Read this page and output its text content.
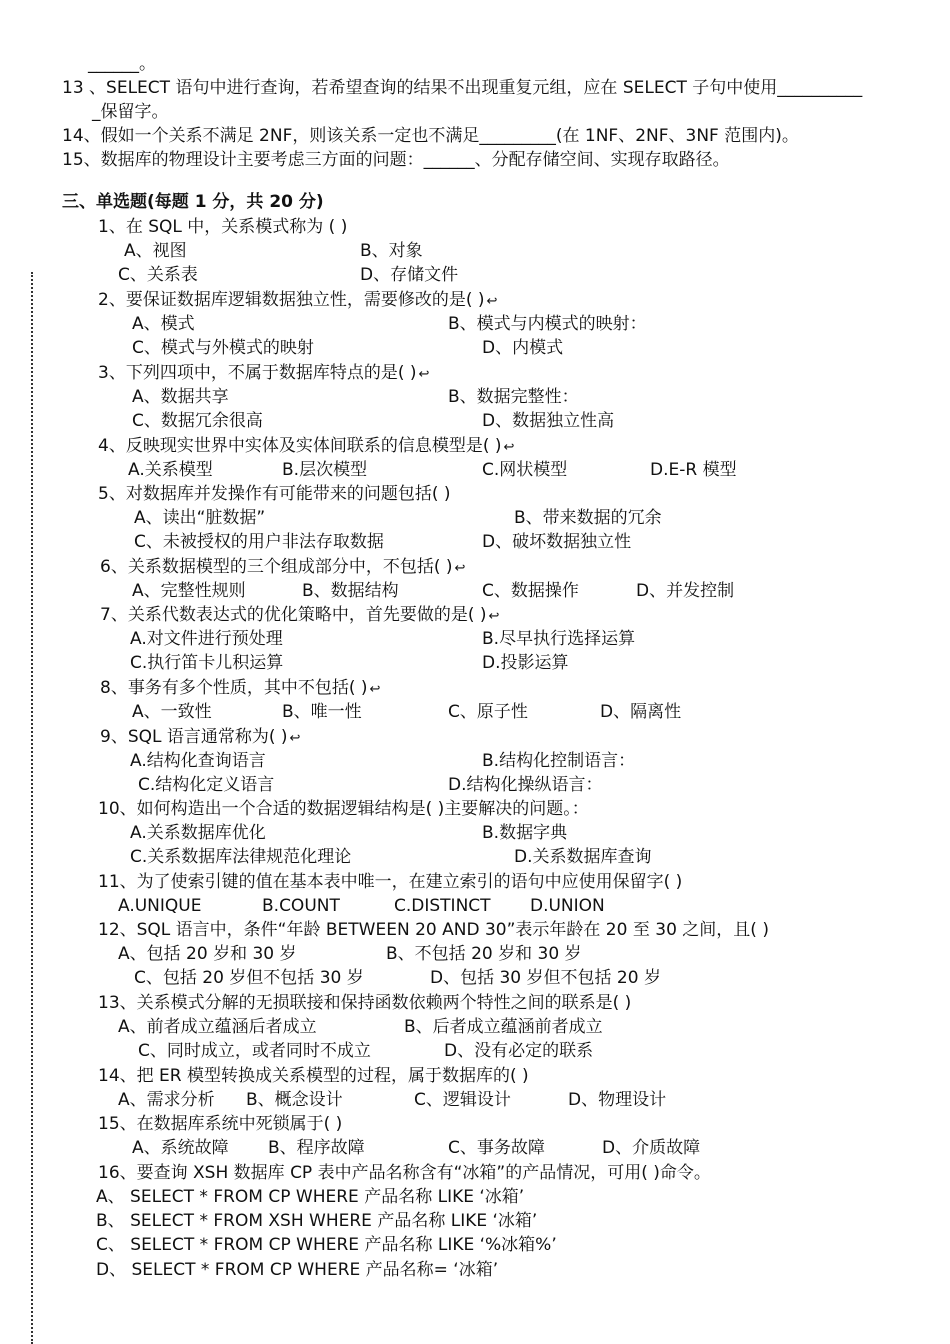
______。
13 、SELECT 语句中进行查询，若希望查询的结果不出现重复元组，应在 SELECT 子句中使用__________
_保留字。
14、假如一个关系不满足 2NF，则该关系一定也不满足_________(在 1NF、2NF、3NF 范围内)。
15、数据库的物理设计主要考虑三方面的问题：______、分配存储空间、实现存取路径。
三、单选题(每题 1 分，共 20 分)
1、在 SQL 中，关系模式称为 ( )
A、视图	B、对象
C、关系表	D、存储文件
2、要保证数据库逻辑数据独立性，需要修改的是( ) ↩
A、模式	B、模式与内模式的映射：
C、模式与外模式的映射	D、内模式
3、下列四项中，不属于数据库特点的是( ) ↩
A、数据共享	B、数据完整性：
C、数据冗余很高	D、数据独立性高
4、反映现实世界中实体及实体间联系的信息模型是( ) ↩
A.关系模型	B.层次模型	C.网状模型	D.E-R 模型
5、对数据库并发操作有可能带来的问题包括( )
A、读出“脏数据”	B、带来数据的冗余
C、未被授权的用户非法存取数据	D、破坏数据独立性
6、关系数据模型的三个组成部分中，不包括( ) ↩
A、完整性规则	B、数据结构	C、数据操作	D、并发控制
7、关系代数表达式的优化策略中，首先要做的是( ) ↩
A.对文件进行预处理	B.尽早执行选择运算
C.执行笛卡儿积运算	D.投影运算
8、事务有多个性质，其中不包括( ) ↩
A、一致性	B、唯一性	C、原子性	D、隔离性
9、SQL 语言通常称为( ) ↩
A.结构化查询语言	B.结构化控制语言：
C.结构化定义语言	D.结构化操纵语言：
10、如何构造出一个合适的数据逻辑结构是( )主要解决的问题。：
A.关系数据库优化	B.数据字典
C.关系数据库法律规范化理论	D.关系数据库查询
11、为了使索引键的值在基本表中唯一，在建立索引的语句中应使用保留字( )
A.UNIQUE	B.COUNT	C.DISTINCT D.UNION
12、SQL 语言中，条件“年龄 BETWEEN 20 AND 30”表示年龄在 20 至 30 之间，且( )
A、包括 20 岁和 30 岁	B、不包括 20 岁和 30 岁
C、包括 20 岁但不包括 30 岁	D、包括 30 岁但不包括 20 岁
13、关系模式分解的无损联接和保持函数依赖两个特性之间的联系是( )
A、前者成立蕴涵后者成立	B、后者成立蕴涵前者成立
C、同时成立，或者同时不成立	D、没有必定的联系
14、把 ER 模型转换成关系模型的过程，属于数据库的( )
A、需求分析 B、概念设计	C、逻辑设计	D、物理设计
15、在数据库系统中死锁属于( )
A、系统故障 B、程序故障	C、事务故障	D、介质故障
16、要查询 XSH 数据库 CP 表中产品名称含有“冰箱”的产品情况，可用( )命令。
A、 SELECT * FROM CP WHERE 产品名称 LIKE ‘冰箱’
B、 SELECT * FROM XSH WHERE 产品名称 LIKE ‘冰箱’
C、 SELECT * FROM CP WHERE 产品名称 LIKE ‘%冰箱%’
D、 SELECT * FROM CP WHERE 产品名称= ‘冰箱’
